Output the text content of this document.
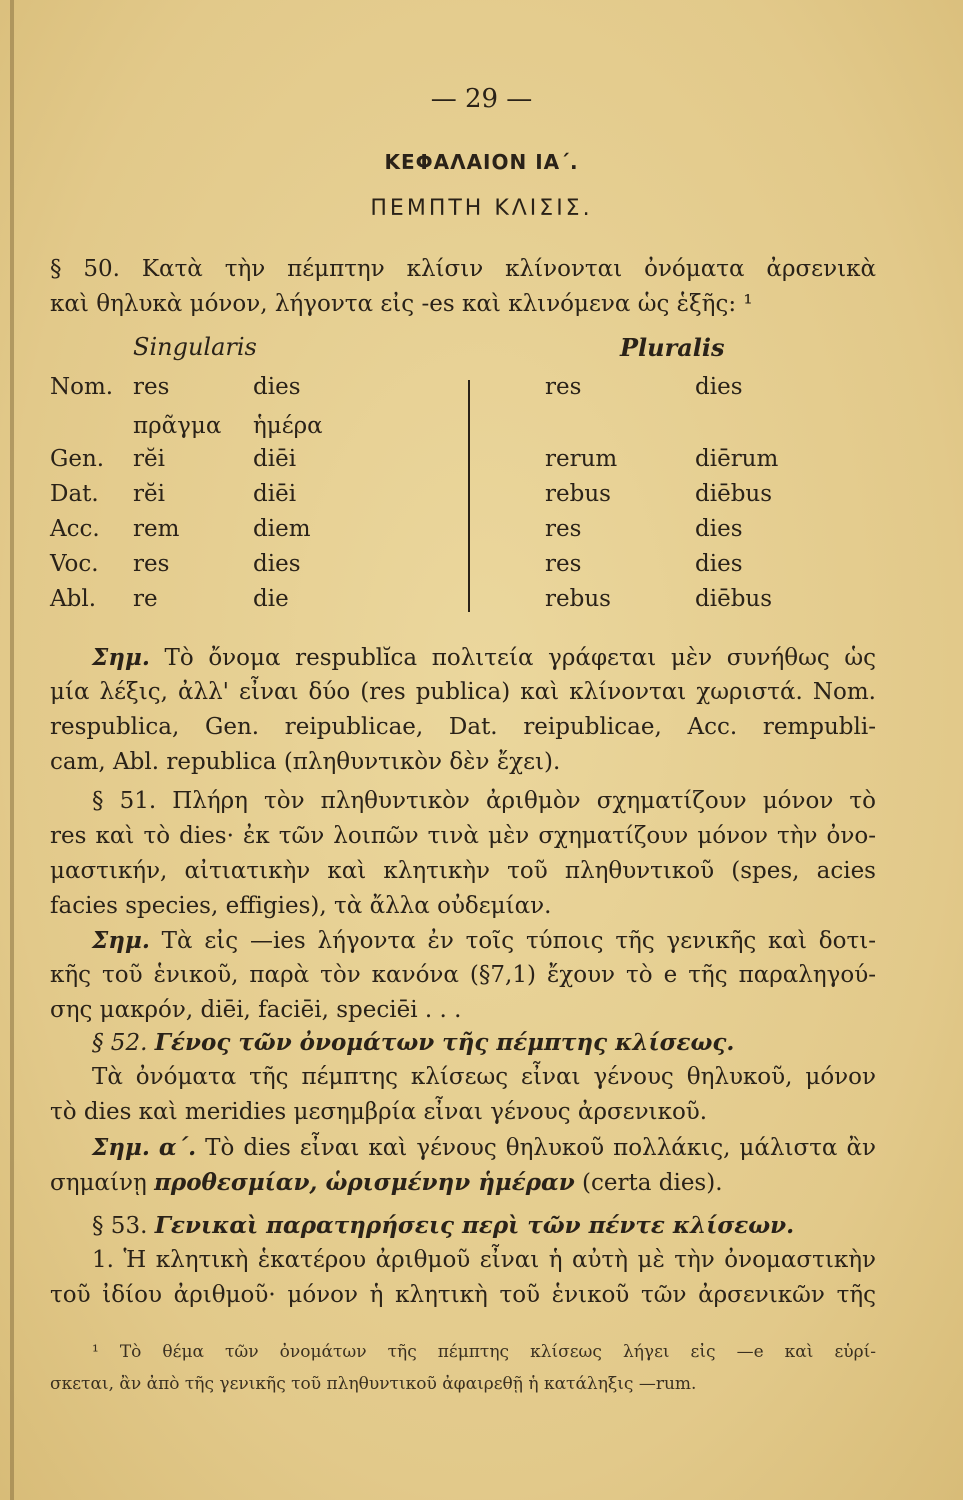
— 29 —
ΚΕΦΑΛΑΙΟΝ ΙΑ΄.
ΠΕΜΠΤΗ ΚΛΙΣΙΣ.
§ 50. Κατὰ τὴν πέμπτην κλίσιν κλίνονται ὀνόματα ἀρσενικὰ
καὶ θηλυκὰ μόνον, λήγοντα εἰς -es καὶ κλινόμενα ὡς ἑξῆς: ¹
Singularis	Pluralis
Nom. res	dies	res	dies
πρᾶγμα ἡμέρα
Gen. rĕi	diēi	rerum	diērum
Dat. rĕi	diēi	rebus	diēbus
Acc. rem	diem	res	dies
Voc. res	dies	res	dies
Abl. re	die	rebus	diēbus
Σημ. Τὸ ὄνομα respublĭca πολιτεία γράφεται μὲν συνήθως ὡς
μία λέξις, ἀλλ' εἶναι δύο (res publica) καὶ κλίνονται χωριστά. Nom.
respublica, Gen. reipublicae, Dat. reipublicae, Acc. rempubli-
cam, Abl. republica (πληθυντικὸν δὲν ἔχει).
§ 51. Πλήρη τὸν πληθυντικὸν ἀριθμὸν σχηματίζουν μόνον τὸ
res καὶ τὸ dies· ἐκ τῶν λοιπῶν τινὰ μὲν σχηματίζουν μόνον τὴν ὀνο-
μαστικήν, αἰτιατικὴν καὶ κλητικὴν τοῦ πληθυντικοῦ (spes, acies
facies species, effigies), τὰ ἄλλα οὐδεμίαν.
Σημ. Τὰ εἰς —ies λήγοντα ἐν τοῖς τύποις τῆς γενικῆς καὶ δοτι-
κῆς τοῦ ἑνικοῦ, παρὰ τὸν κανόνα (§7,1) ἔχουν τὸ e τῆς παραληγού-
σης μακρόν, diēi, faciēi, speciēi . . .
§ 52. Γένος τῶν ὀνομάτων τῆς πέμπτης κλίσεως.
Τὰ ὀνόματα τῆς πέμπτης κλίσεως εἶναι γένους θηλυκοῦ, μόνον
τὸ dies καὶ meridies μεσημβρία εἶναι γένους ἀρσενικοῦ.
Σημ. α΄. Τὸ dies εἶναι καὶ γένους θηλυκοῦ πολλάκις, μάλιστα ἂν
σημαίνῃ προθεσμίαν, ὡρισμένην ἡμέραν (certa dies).
§ 53. Γενικαὶ παρατηρήσεις περὶ τῶν πέντε κλίσεων.
1. Ἡ κλητικὴ ἑκατέρου ἀριθμοῦ εἶναι ἡ αὐτὴ μὲ τὴν ὀνομαστικὴν
τοῦ ἰδίου ἀριθμοῦ· μόνον ἡ κλητικὴ τοῦ ἑνικοῦ τῶν ἀρσενικῶν τῆς
¹ Τὸ θέμα τῶν ὀνομάτων τῆς πέμπτης κλίσεως λήγει εἰς —e καὶ εὑρί-
σκεται, ἂν ἀπὸ τῆς γενικῆς τοῦ πληθυντικοῦ ἀφαιρεθῇ ἡ κατάληξις —rum.
